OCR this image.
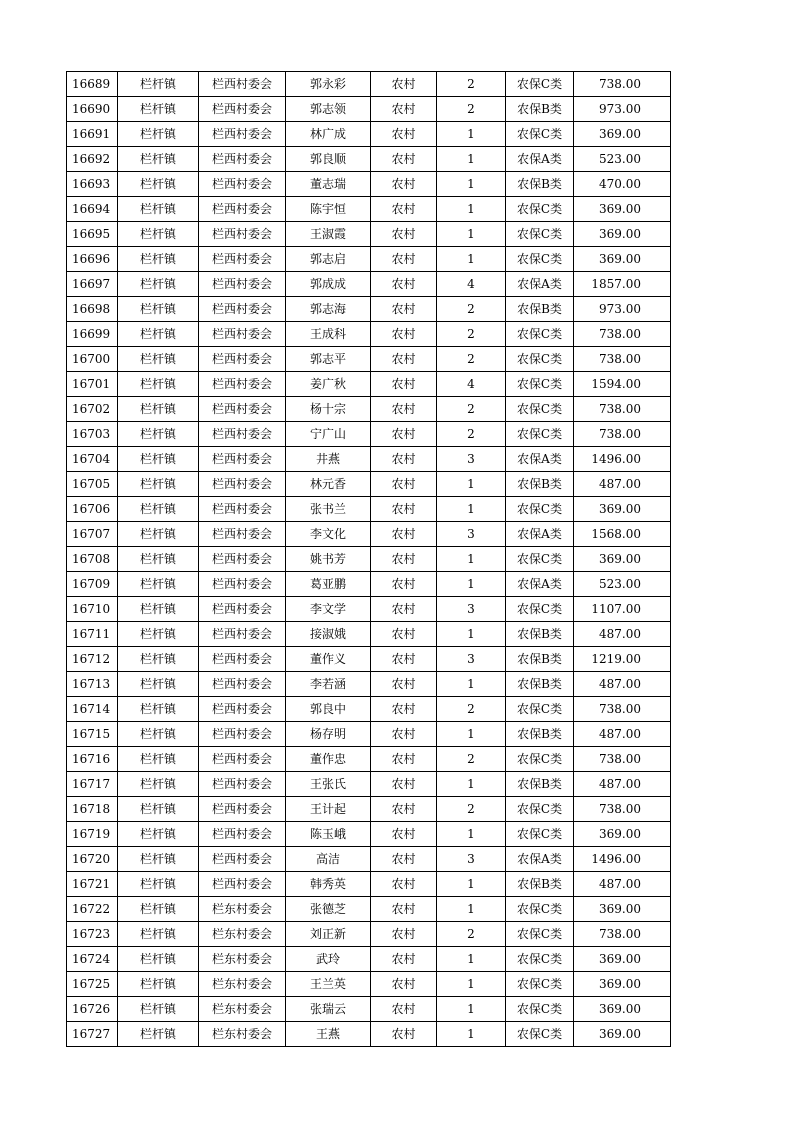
16689	栏杆镇	栏西村委会	郭永彩	农村	2	农保C类	738.00
16690	栏杆镇	栏西村委会	郭志领	农村	2	农保B类	973.00
16691	栏杆镇	栏西村委会	林广成	农村	1	农保C类	369.00
16692	栏杆镇	栏西村委会	郭良顺	农村	1	农保A类	523.00
16693	栏杆镇	栏西村委会	董志瑞	农村	1	农保B类	470.00
16694	栏杆镇	栏西村委会	陈宇恒	农村	1	农保C类	369.00
16695	栏杆镇	栏西村委会	王淑霞	农村	1	农保C类	369.00
16696	栏杆镇	栏西村委会	郭志启	农村	1	农保C类	369.00
16697	栏杆镇	栏西村委会	郭成成	农村	4	农保A类	1857.00
16698	栏杆镇	栏西村委会	郭志海	农村	2	农保B类	973.00
16699	栏杆镇	栏西村委会	王成科	农村	2	农保C类	738.00
16700	栏杆镇	栏西村委会	郭志平	农村	2	农保C类	738.00
16701	栏杆镇	栏西村委会	姜广秋	农村	4	农保C类	1594.00
16702	栏杆镇	栏西村委会	杨十宗	农村	2	农保C类	738.00
16703	栏杆镇	栏西村委会	宁广山	农村	2	农保C类	738.00
16704	栏杆镇	栏西村委会	井燕	农村	3	农保A类	1496.00
16705	栏杆镇	栏西村委会	林元香	农村	1	农保B类	487.00
16706	栏杆镇	栏西村委会	张书兰	农村	1	农保C类	369.00
16707	栏杆镇	栏西村委会	李文化	农村	3	农保A类	1568.00
16708	栏杆镇	栏西村委会	姚书芳	农村	1	农保C类	369.00
16709	栏杆镇	栏西村委会	葛亚鹏	农村	1	农保A类	523.00
16710	栏杆镇	栏西村委会	李文学	农村	3	农保C类	1107.00
16711	栏杆镇	栏西村委会	接淑娥	农村	1	农保B类	487.00
16712	栏杆镇	栏西村委会	董作义	农村	3	农保B类	1219.00
16713	栏杆镇	栏西村委会	李若涵	农村	1	农保B类	487.00
16714	栏杆镇	栏西村委会	郭良中	农村	2	农保C类	738.00
16715	栏杆镇	栏西村委会	杨存明	农村	1	农保B类	487.00
16716	栏杆镇	栏西村委会	董作忠	农村	2	农保C类	738.00
16717	栏杆镇	栏西村委会	王张氏	农村	1	农保B类	487.00
16718	栏杆镇	栏西村委会	王计起	农村	2	农保C类	738.00
16719	栏杆镇	栏西村委会	陈玉峨	农村	1	农保C类	369.00
16720	栏杆镇	栏西村委会	高洁	农村	3	农保A类	1496.00
16721	栏杆镇	栏西村委会	韩秀英	农村	1	农保B类	487.00
16722	栏杆镇	栏东村委会	张德芝	农村	1	农保C类	369.00
16723	栏杆镇	栏东村委会	刘正新	农村	2	农保C类	738.00
16724	栏杆镇	栏东村委会	武玲	农村	1	农保C类	369.00
16725	栏杆镇	栏东村委会	王兰英	农村	1	农保C类	369.00
16726	栏杆镇	栏东村委会	张瑞云	农村	1	农保C类	369.00
16727	栏杆镇	栏东村委会	王燕	农村	1	农保C类	369.00
